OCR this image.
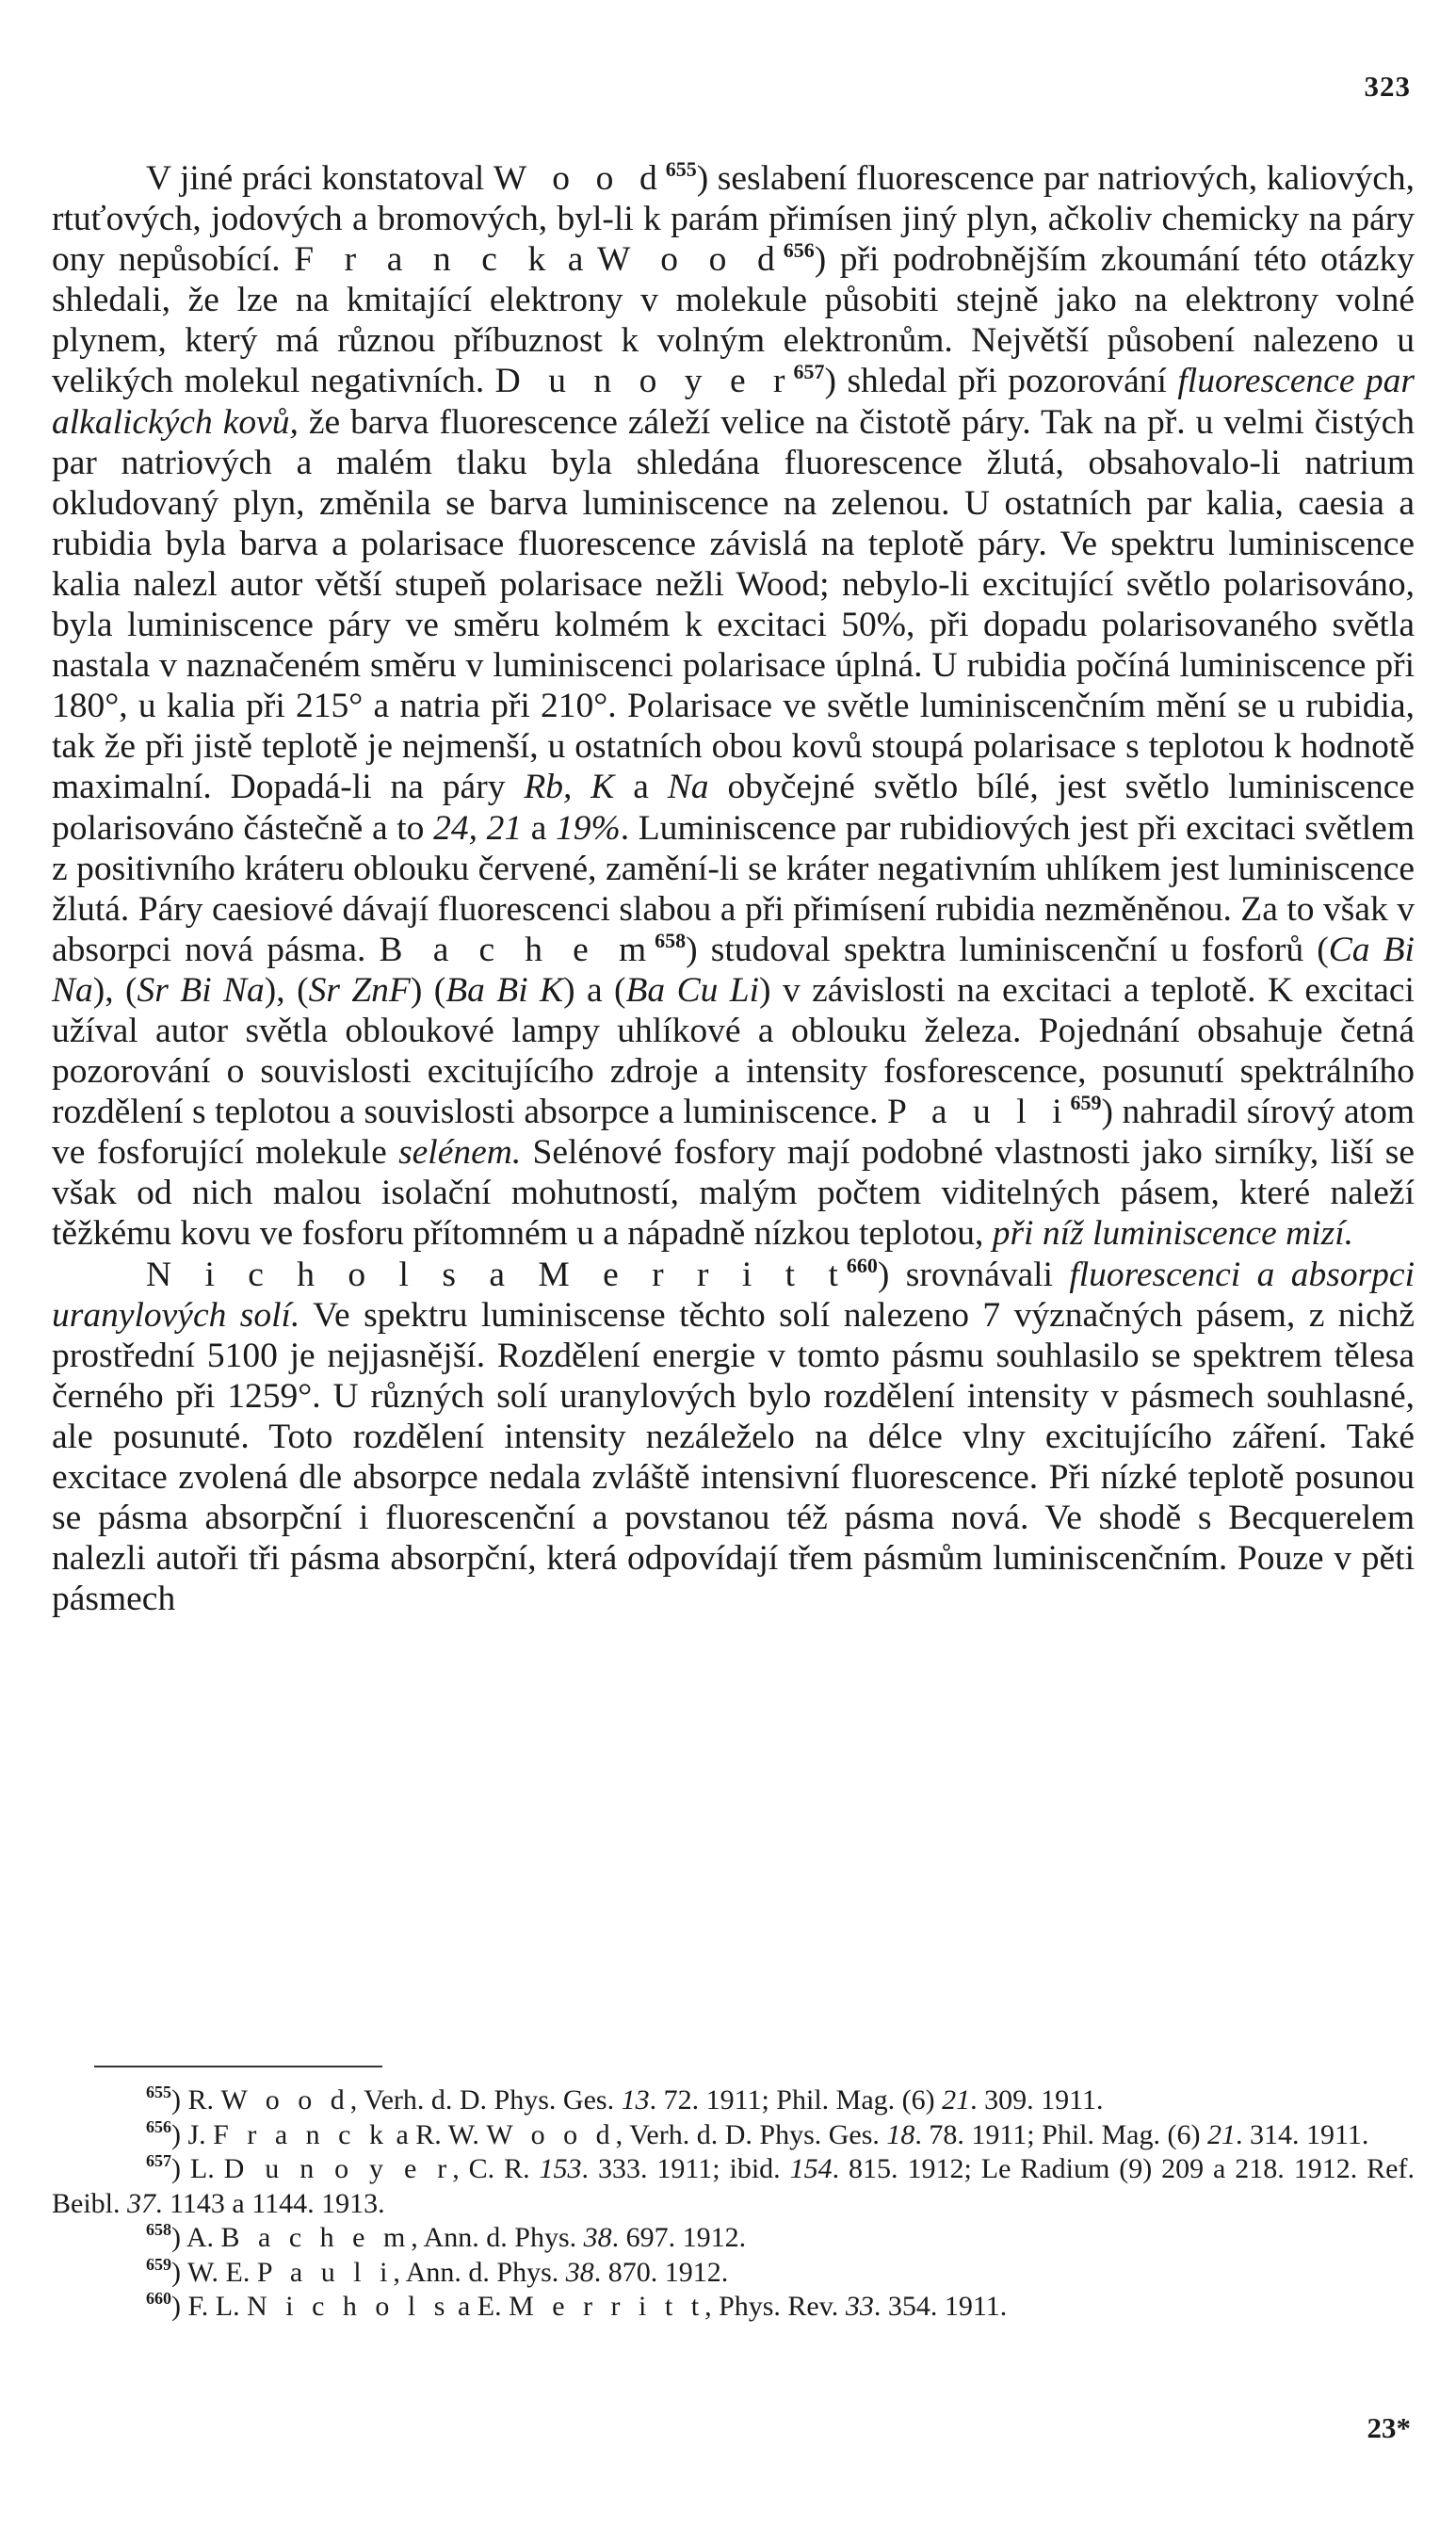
323

V jiné práci konstatoval W o o d$^{655}$) seslabení fluorescence par natriových, kaliových, rtuťových, jodových a bromových, byl-li k parám přimísen jiný plyn, ačkoliv chemicky na páry ony nepůsobící. F r a n c k a W o o d$^{656}$) při podrobnějším zkoumání této otázky shledali, že lze na kmitající elektrony v molekule působiti stejně jako na elektrony volné plynem, který má různou příbuznost k volným elektronům. Největší působení nalezeno u velikých molekul negativních. D u n o y e r$^{657}$) shledal při pozorování fluorescence par alkalických kovů, že barva fluorescence záleží velice na čistotě páry. Tak na př. u velmi čistých par natriových a malém tlaku byla shledána fluorescence žlutá, obsahovalo-li natrium okludovaný plyn, změnila se barva luminiscence na zelenou. U ostatních par kalia, caesia a rubidia byla barva a polarisace fluorescence závislá na teplotě páry. Ve spektru luminiscence kalia nalezl autor větší stupeň polarisace nežli Wood; nebylo-li excitující světlo polarisováno, byla luminiscence páry ve směru kolmém k excitaci 50%, při dopadu polarisovaného světla nastala v naznačeném směru v luminiscenci polarisace úplná. U rubidia počíná luminiscence při 180°, u kalia při 215° a natria při 210°. Polarisace ve světle luminiscenčním mění se u rubidia, tak že při jistě teplotě je nejmenší, u ostatních obou kovů stoupá polarisace s teplotou k hodnotě maximalní. Dopadá-li na páry Rb, K a Na obyčejné světlo bílé, jest světlo luminiscence polarisováno částečně a to 24, 21 a 19%. Luminiscence par rubidiových jest při excitaci světlem z positivního kráteru oblouku červené, zamění-li se kráter negativním uhlíkem jest luminiscence žlutá. Páry caesiové dávají fluorescenci slabou a při přimísení rubidia nezměněnou. Za to však v absorpci nová pásma. B a c h e m$^{658}$) studoval spektra luminiscenční u fosforů (Ca Bi Na), (Sr Bi Na), (Sr ZnF) (Ba Bi K) a (Ba Cu Li) v závislosti na excitaci a teplotě. K excitaci užíval autor světla obloukové lampy uhlíkové a oblouku železa. Pojednání obsahuje četná pozorování o souvislosti excitujícího zdroje a intensity fosforescence, posunutí spektrálního rozdělení s teplotou a souvislosti absorpce a luminiscence. P a u l i$^{659}$) nahradil sírový atom ve fosforující molekule selénem. Selénové fosfory mají podobné vlastnosti jako sirníky, liší se však od nich malou isolační mohutností, malým počtem viditelných pásem, které naleží těžkému kovu ve fosforu přítomném u a nápadně nízkou teplotou, při níž luminiscence mizí.

N i c h o l s a M e r r i t t$^{660}$) srovnávali fluorescenci a absorpci uranylových solí. Ve spektru luminiscense těchto solí nalezeno 7 význačných pásem, z nichž prostřední 5100 je nejjasnější. Rozdělení energie v tomto pásmu souhlasilo se spektrem tělesa černého při 1259°. U různých solí uranylových bylo rozdělení intensity v pásmech souhlasné, ale posunuté. Toto rozdělení intensity nezáleželo na délce vlny excitujícího záření. Také excitace zvolená dle absorpce nedala zvláště intensivní fluorescence. Při nízké teplotě posunou se pásma absorpční i fluorescenční a povstanou též pásma nová. Ve shodě s Becquerelem nalezli autoři tři pásma absorpční, která odpovídají třem pásmům luminiscenčním. Pouze v pěti pásmech

$^{655}$) R. W o o d, Verh. d. D. Phys. Ges. 13. 72. 1911; Phil. Mag. (6) 21. 309. 1911.

$^{656}$) J. F r a n c k a R. W. W o o d, Verh. d. D. Phys. Ges. 18. 78. 1911; Phil. Mag. (6) 21. 314. 1911.

$^{657}$) L. D u n o y e r, C. R. 153. 333. 1911; ibid. 154. 815. 1912; Le Radium (9) 209 a 218. 1912. Ref. Beibl. 37. 1143 a 1144. 1913.

$^{658}$) A. B a c h e m, Ann. d. Phys. 38. 697. 1912.

$^{659}$) W. E. P a u l i, Ann. d. Phys. 38. 870. 1912.

$^{660}$) F. L. N i c h o l s a E. M e r r i t t, Phys. Rev. 33. 354. 1911.

23*
